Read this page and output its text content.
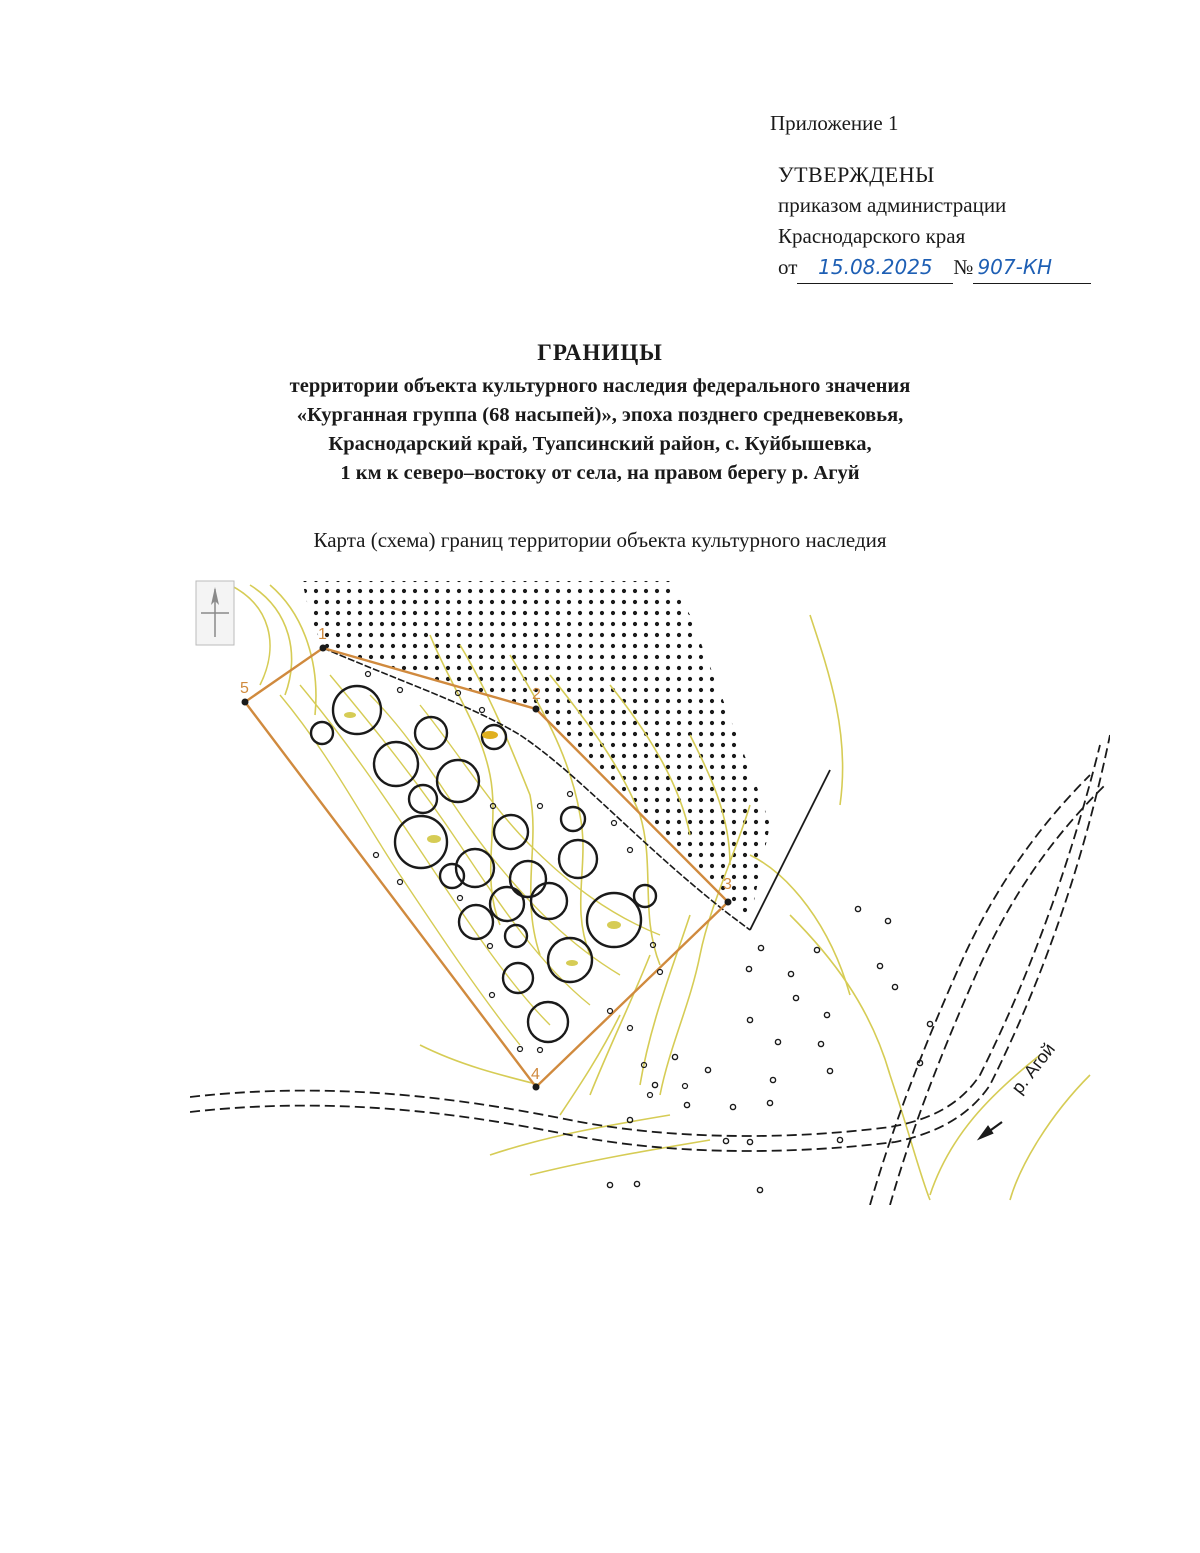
Приложение 1
УТВЕРЖДЕНЫ
приказом администрации
Краснодарского края
от 15.08.2025 № 907-КН
ГРАНИЦЫ
территории объекта культурного наследия федерального значения
«Курганная группа (68 насыпей)», эпоха позднего средневековья,
Краснодарский край, Туапсинский район, с. Куйбышевка,
1 км к северо–востоку от села, на правом берегу р. Агуй
Карта (схема) границ территории объекта культурного наследия
1
2
3
4
5
р. Агой
